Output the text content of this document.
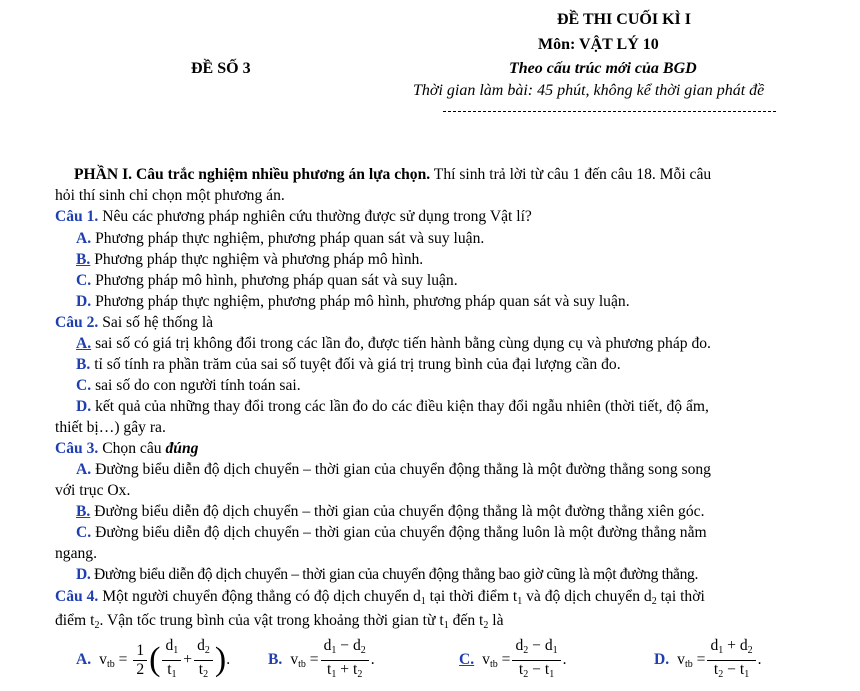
ĐỀ THI CUỐI KÌ I
Môn: VẬT LÝ 10
ĐỀ SỐ 3	Theo cấu trúc mới của BGD
Thời gian làm bài: 45 phút, không kể thời gian phát đề
PHẦN I. Câu trắc nghiệm nhiều phương án lựa chọn. Thí sinh trả lời từ câu 1 đến câu 18. Mỗi câu
hỏi thí sinh chỉ chọn một phương án.
Câu 1. Nêu các phương pháp nghiên cứu thường được sử dụng trong Vật lí?
A. Phương pháp thực nghiệm, phương pháp quan sát và suy luận.
B. Phương pháp thực nghiệm và phương pháp mô hình.
C. Phương pháp mô hình, phương pháp quan sát và suy luận.
D. Phương pháp thực nghiệm, phương pháp mô hình, phương pháp quan sát và suy luận.
Câu 2. Sai số hệ thống là
A. sai số có giá trị không đổi trong các lần đo, được tiến hành bằng cùng dụng cụ và phương pháp đo.
B. tỉ số tính ra phần trăm của sai số tuyệt đối và giá trị trung bình của đại lượng cần đo.
C. sai số do con người tính toán sai.
D. kết quả của những thay đổi trong các lần đo do các điều kiện thay đổi ngẫu nhiên (thời tiết, độ ẩm,
thiết bị…) gây ra.
Câu 3. Chọn câu đúng
A. Đường biểu diễn độ dịch chuyển – thời gian của chuyển động thẳng là một đường thẳng song song
với trục Ox.
B. Đường biểu diễn độ dịch chuyển – thời gian của chuyển động thẳng là một đường thẳng xiên góc.
C. Đường biểu diễn độ dịch chuyển – thời gian của chuyển động thẳng luôn là một đường thẳng nằm
ngang.
D. Đường biểu diễn độ dịch chuyển – thời gian của chuyển động thẳng bao giờ cũng là một đường thẳng.
Câu 4. Một người chuyển động thẳng có độ dịch chuyển $d_1$ tại thời điểm $t_1$ và độ dịch chuyển $d_2$ tại thời
điểm $t_2$. Vận tốc trung bình của vật trong khoảng thời gian từ $t_1$ đến $t_2$ là
A. $v_{tb} = \frac{1}{2}$ ( $\frac{d_1}{t_1} + \frac{d_2}{t_2}$ ) . B. $v_{tb} = \frac{d_1 - d_2}{t_1 + t_2}$ .	C. $v_{tb} = \frac{d_2 - d_1}{t_2 - t_1}$ .	D. $v_{tb} = \frac{d_1 + d_2}{t_2 - t_1}$ .
